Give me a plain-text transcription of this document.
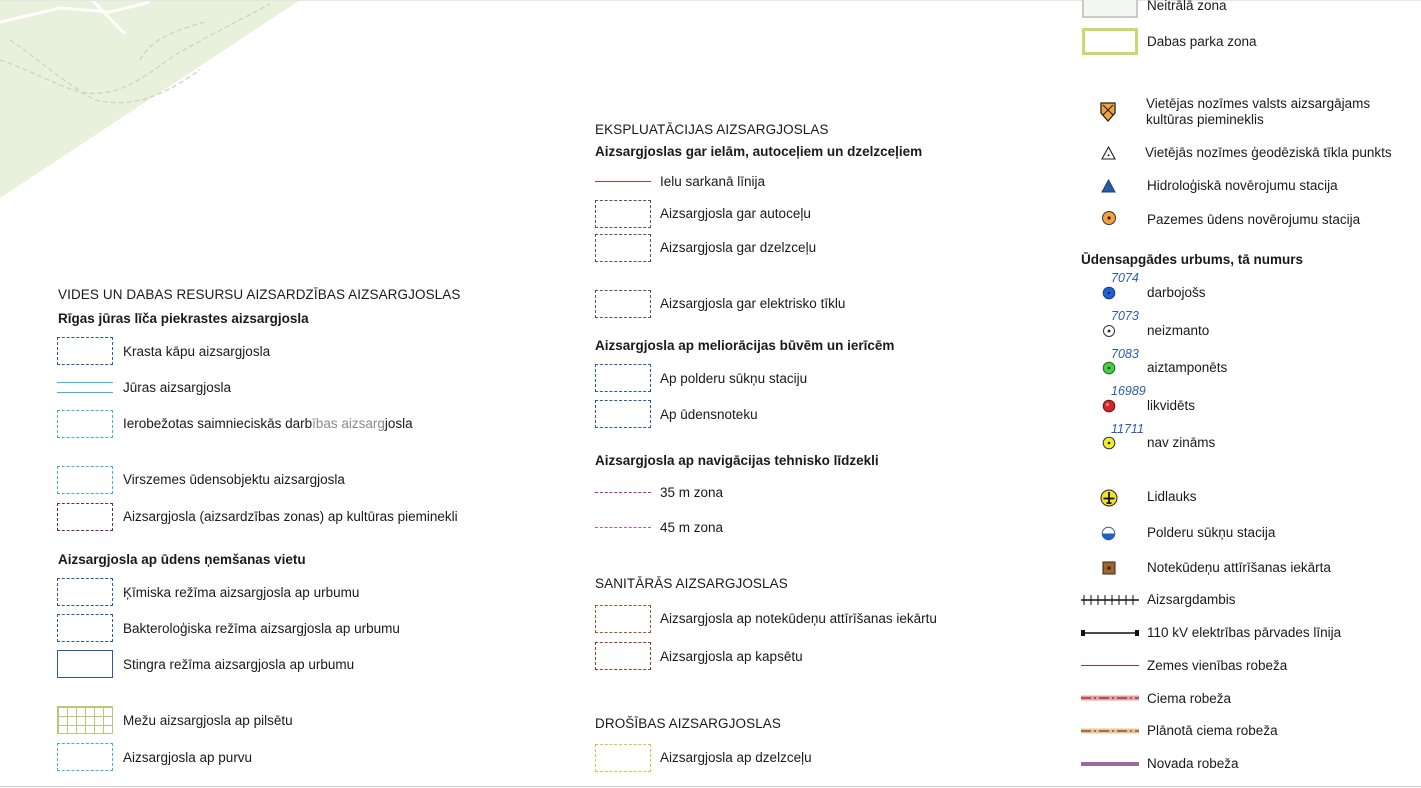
VIDES UN DABAS RESURSU AIZSARDZĪBAS AIZSARGJOSLAS
Rīgas jūras līča piekrastes aizsargjosla
Krasta kāpu aizsargjosla
Jūras aizsargjosla
Ierobežotas saimnieciskās darbības aizsargjosla
Virszemes ūdensobjektu aizsargjosla
Aizsargjosla (aizsardzības zonas) ap kultūras pieminekli
Aizsargjosla ap ūdens ņemšanas vietu
Ķīmiska režīma aizsargjosla ap urbumu
Bakteroloģiska režīma aizsargjosla ap urbumu
Stingra režīma aizsargjosla ap urbumu
Mežu aizsargjosla ap pilsētu
Aizsargjosla ap purvu
EKSPLUATĀCIJAS AIZSARGJOSLAS
Aizsargjoslas gar ielām, autoceļiem un dzelzceļiem
Ielu sarkanā līnija
Aizsargjosla gar autoceļu
Aizsargjosla gar dzelzceļu
Aizsargjosla gar elektrisko tīklu
Aizsargjosla ap meliorācijas būvēm un ierīcēm
Ap polderu sūkņu staciju
Ap ūdensnoteku
Aizsargjosla ap navigācijas tehnisko līdzekli
35 m zona
45 m zona
SANITĀRĀS AIZSARGJOSLAS
Aizsargjosla ap notekūdeņu attīrīšanas iekārtu
Aizsargjosla ap kapsētu
DROŠĪBAS AIZSARGJOSLAS
Aizsargjosla ap dzelzceļu
Neitrālā zona
Dabas parka zona
Vietējas nozīmes valsts aizsargājams
kultūras piemineklis
Vietējās nozīmes ģeodēziskā tīkla punkts
Hidroloģiskā novērojumu stacija
Pazemes ūdens novērojumu stacija
Ūdensapgādes urbums, tā numurs
7074
darbojošs
7073
neizmanto
7083
aiztamponēts
16989
likvidēts
11711
nav zināms
Lidlauks
Polderu sūkņu stacija
Notekūdeņu attīrīšanas iekārta
Aizsargdambis
110 kV elektrības pārvades līnija
Zemes vienības robeža
Ciema robeža
Plānotā ciema robeža
Novada robeža
